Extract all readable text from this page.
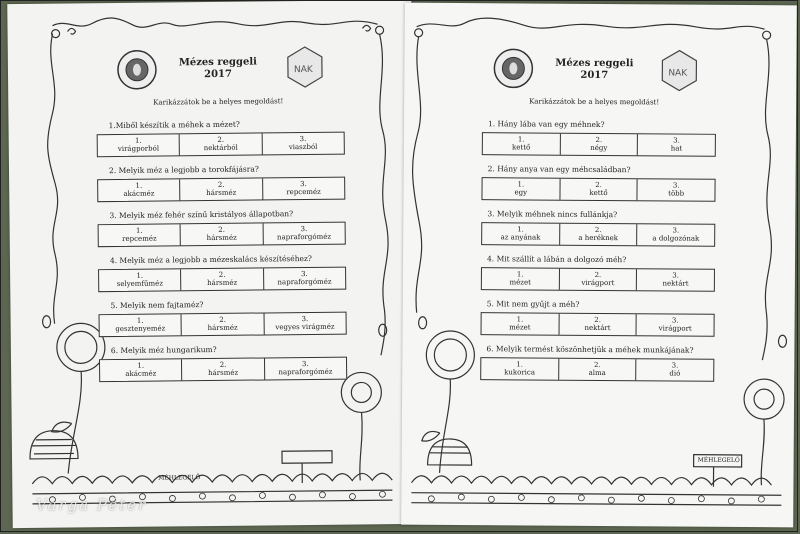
NAK
Mézes reggeli
2017
Karikázzátok be a helyes megoldást!
MÉHLEGELŐ
1.Miből készítik a méhek a mézet?
1.
virágporból
2.
nektárból
3.
viaszból
2. Melyik méz a legjobb a torokfájásra?
1.
akácméz
2.
hársméz
3.
repceméz
3. Melyik méz fehér színű kristályos állapotban?
1.
repceméz
2.
hársméz
3.
napraforgóméz
4. Melyik méz a legjobb a mézeskalács készítéséhez?
1.
selyemfűméz
2.
hársméz
3.
napraforgóméz
5. Melyik nem fajtaméz?
1.
gesztenyeméz
2.
hársméz
3.
vegyes virágméz
6. Melyik méz hungarikum?
1.
akácméz
2.
hársméz
3.
napraforgóméz
NAK
Mézes reggeli
2017
Karikázzátok be a helyes megoldást!
MÉHLEGELŐ
1. Hány lába van egy méhnek?
1.
kettő
2.
négy
3.
hat
2. Hány anya van egy méhcsaládban?
1.
egy
2.
kettő
3.
több
3. Melyik méhnek nincs fullánkja?
1.
az anyának
2.
a heréknek
3.
a dolgozónak
4. Mit szállít a lábán a dolgozó méh?
1.
mézet
2.
virágport
3.
nektárt
5. Mit nem gyűjt a méh?
1.
mézet
2.
nektárt
3.
virágport
6. Melyik termést köszönhetjük a méhek munkájának?
1.
kukorica
2.
alma
3.
dió
Varga Péter
